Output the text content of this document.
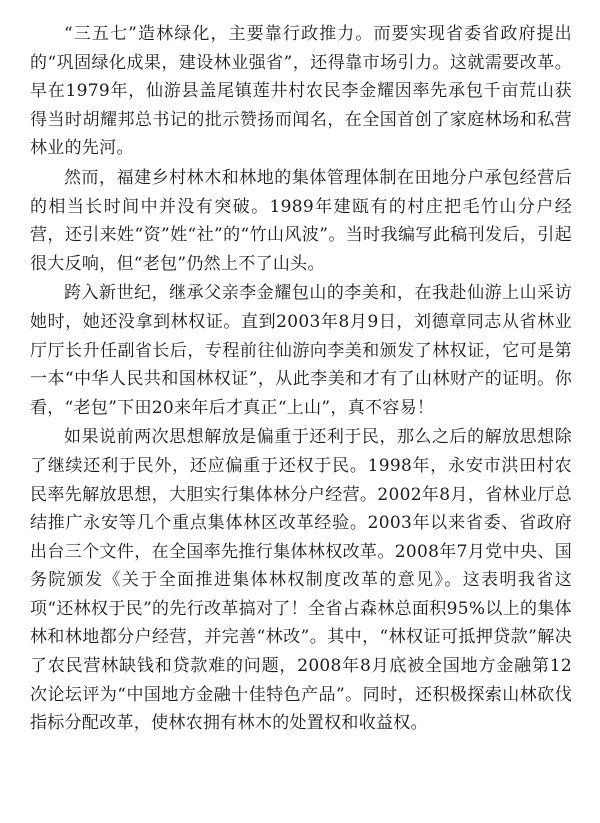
“三五七”造林绿化，主要靠行政推力。而要实现省委省政府提出的“巩固绿化成果，建设林业强省”，还得靠市场引力。这就需要改革。早在1979年，仙游县盖尾镇莲井村农民李金耀因率先承包千亩荒山获得当时胡耀邦总书记的批示赞扬而闻名，在全国首创了家庭林场和私营林业的先河。

然而，福建乡村林木和林地的集体管理体制在田地分户承包经营后的相当长时间中并没有突破。1989年建瓯有的村庄把毛竹山分户经营，还引来姓“资”姓“社”的“竹山风波”。当时我编写此稿刊发后，引起很大反响，但“老包”仍然上不了山头。

跨入新世纪，继承父亲李金耀包山的李美和，在我赴仙游上山采访她时，她还没拿到林权证。直到2003年8月9日，刘德章同志从省林业厅厅长升任副省长后，专程前往仙游向李美和颁发了林权证，它可是第一本“中华人民共和国林权证”，从此李美和才有了山林财产的证明。你看，“老包”下田20来年后才真正“上山”，真不容易！

如果说前两次思想解放是偏重于还利于民，那么之后的解放思想除了继续还利于民外，还应偏重于还权于民。1998年，永安市洪田村农民率先解放思想，大胆实行集体林分户经营。2002年8月，省林业厅总结推广永安等几个重点集体林区改革经验。2003年以来省委、省政府出台三个文件，在全国率先推行集体林权改革。2008年7月党中央、国务院颁发《关于全面推进集体林权制度改革的意见》。这表明我省这项“还林权于民”的先行改革搞对了！全省占森林总面积95%以上的集体林和林地都分户经营，并完善“林改”。其中，“林权证可抵押贷款”解决了农民营林缺钱和贷款难的问题，2008年8月底被全国地方金融第12次论坛评为“中国地方金融十佳特色产品”。同时，还积极探索山林砍伐指标分配改革，使林农拥有林木的处置权和收益权。
